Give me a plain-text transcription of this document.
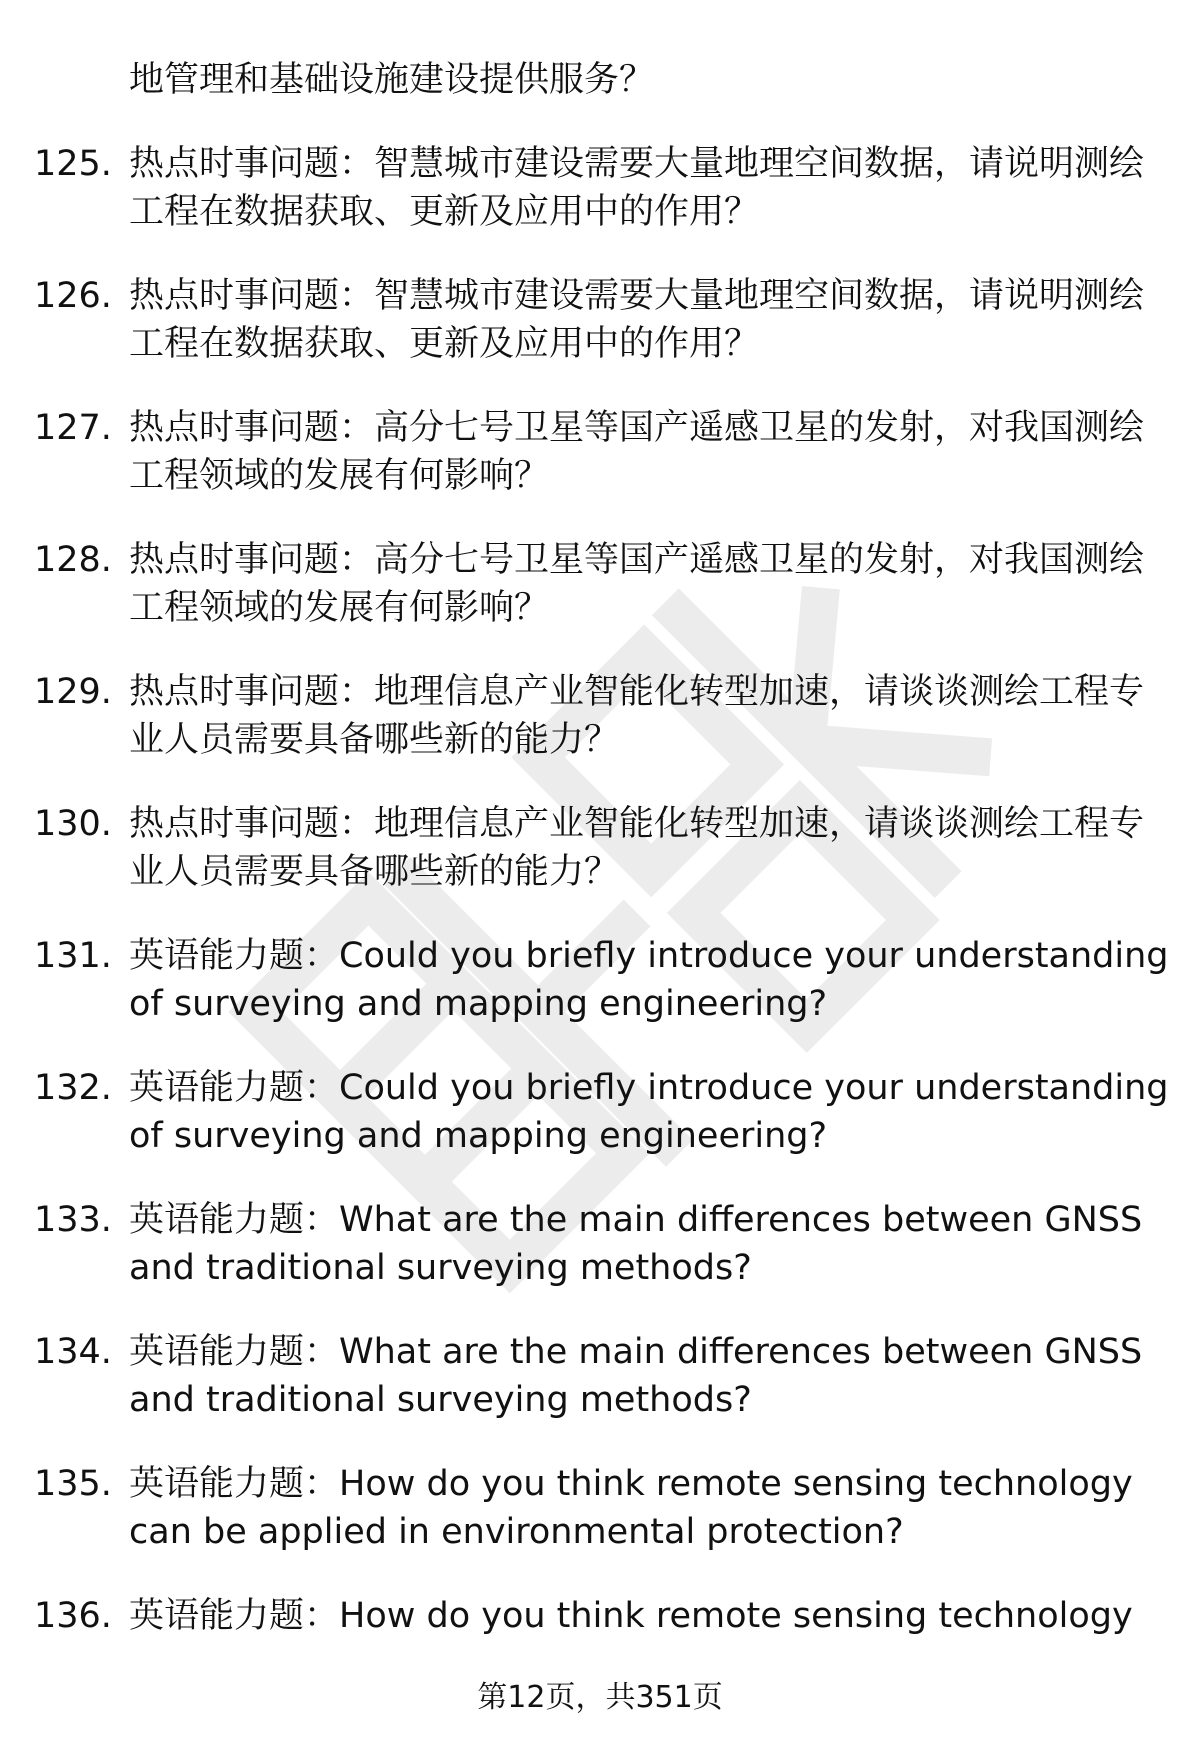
地管理和基础设施建设提供服务？
125. 热点时事问题：智慧城市建设需要大量地理空间数据，请说明测绘工程在数据获取、更新及应用中的作用？
126. 热点时事问题：智慧城市建设需要大量地理空间数据，请说明测绘工程在数据获取、更新及应用中的作用？
127. 热点时事问题：高分七号卫星等国产遥感卫星的发射，对我国测绘工程领域的发展有何影响？
128. 热点时事问题：高分七号卫星等国产遥感卫星的发射，对我国测绘工程领域的发展有何影响？
129. 热点时事问题：地理信息产业智能化转型加速，请谈谈测绘工程专业人员需要具备哪些新的能力？
130. 热点时事问题：地理信息产业智能化转型加速，请谈谈测绘工程专业人员需要具备哪些新的能力？
131. 英语能力题：Could you briefly introduce your understanding of surveying and mapping engineering?
132. 英语能力题：Could you briefly introduce your understanding of surveying and mapping engineering?
133. 英语能力题：What are the main differences between GNSS and traditional surveying methods?
134. 英语能力题：What are the main differences between GNSS and traditional surveying methods?
135. 英语能力题：How do you think remote sensing technology can be applied in environmental protection?
136. 英语能力题：How do you think remote sensing technology
第12页，共351页
